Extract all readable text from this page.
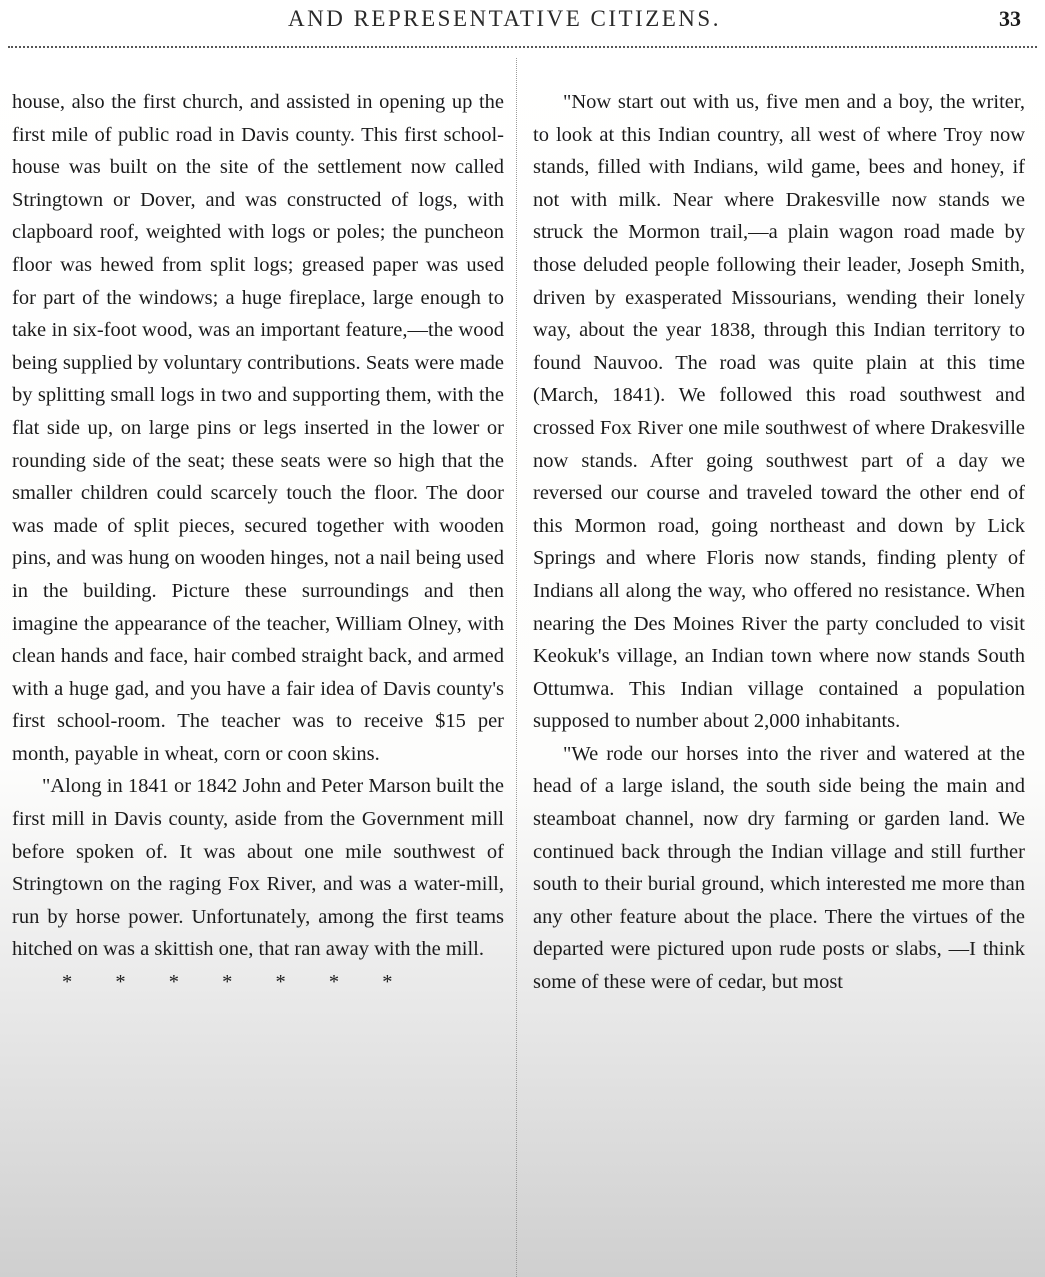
AND REPRESENTATIVE CITIZENS.	33

house, also the first church, and assisted in opening up the first mile of public road in Davis county. This first school-house was built on the site of the settlement now called Stringtown or Dover, and was constructed of logs, with clapboard roof, weighted with logs or poles; the puncheon floor was hewed from split logs; greased paper was used for part of the windows; a huge fireplace, large enough to take in six-foot wood, was an important feature,—the wood being supplied by voluntary contributions. Seats were made by splitting small logs in two and supporting them, with the flat side up, on large pins or legs inserted in the lower or rounding side of the seat; these seats were so high that the smaller children could scarcely touch the floor. The door was made of split pieces, secured together with wooden pins, and was hung on wooden hinges, not a nail being used in the building. Picture these surroundings and then imagine the appearance of the teacher, William Olney, with clean hands and face, hair combed straight back, and armed with a huge gad, and you have a fair idea of Davis county's first school-room. The teacher was to receive $15 per month, payable in wheat, corn or coon skins.

"Along in 1841 or 1842 John and Peter Marson built the first mill in Davis county, aside from the Government mill before spoken of. It was about one mile southwest of Stringtown on the raging Fox River, and was a water-mill, run by horse power. Unfortunately, among the first teams hitched on was a skittish one, that ran away with the mill.

* * * * * * *

"Now start out with us, five men and a boy, the writer, to look at this Indian country, all west of where Troy now stands, filled with Indians, wild game, bees and honey, if not with milk. Near where Drakesville now stands we struck the Mormon trail,—a plain wagon road made by those deluded people following their leader, Joseph Smith, driven by exasperated Missourians, wending their lonely way, about the year 1838, through this Indian territory to found Nauvoo. The road was quite plain at this time (March, 1841). We followed this road southwest and crossed Fox River one mile southwest of where Drakesville now stands. After going southwest part of a day we reversed our course and traveled toward the other end of this Mormon road, going northeast and down by Lick Springs and where Floris now stands, finding plenty of Indians all along the way, who offered no resistance. When nearing the Des Moines River the party concluded to visit Keokuk's village, an Indian town where now stands South Ottumwa. This Indian village contained a population supposed to number about 2,000 inhabitants.

"We rode our horses into the river and watered at the head of a large island, the south side being the main and steamboat channel, now dry farming or garden land. We continued back through the Indian village and still further south to their burial ground, which interested me more than any other feature about the place. There the virtues of the departed were pictured upon rude posts or slabs, —I think some of these were of cedar, but most
